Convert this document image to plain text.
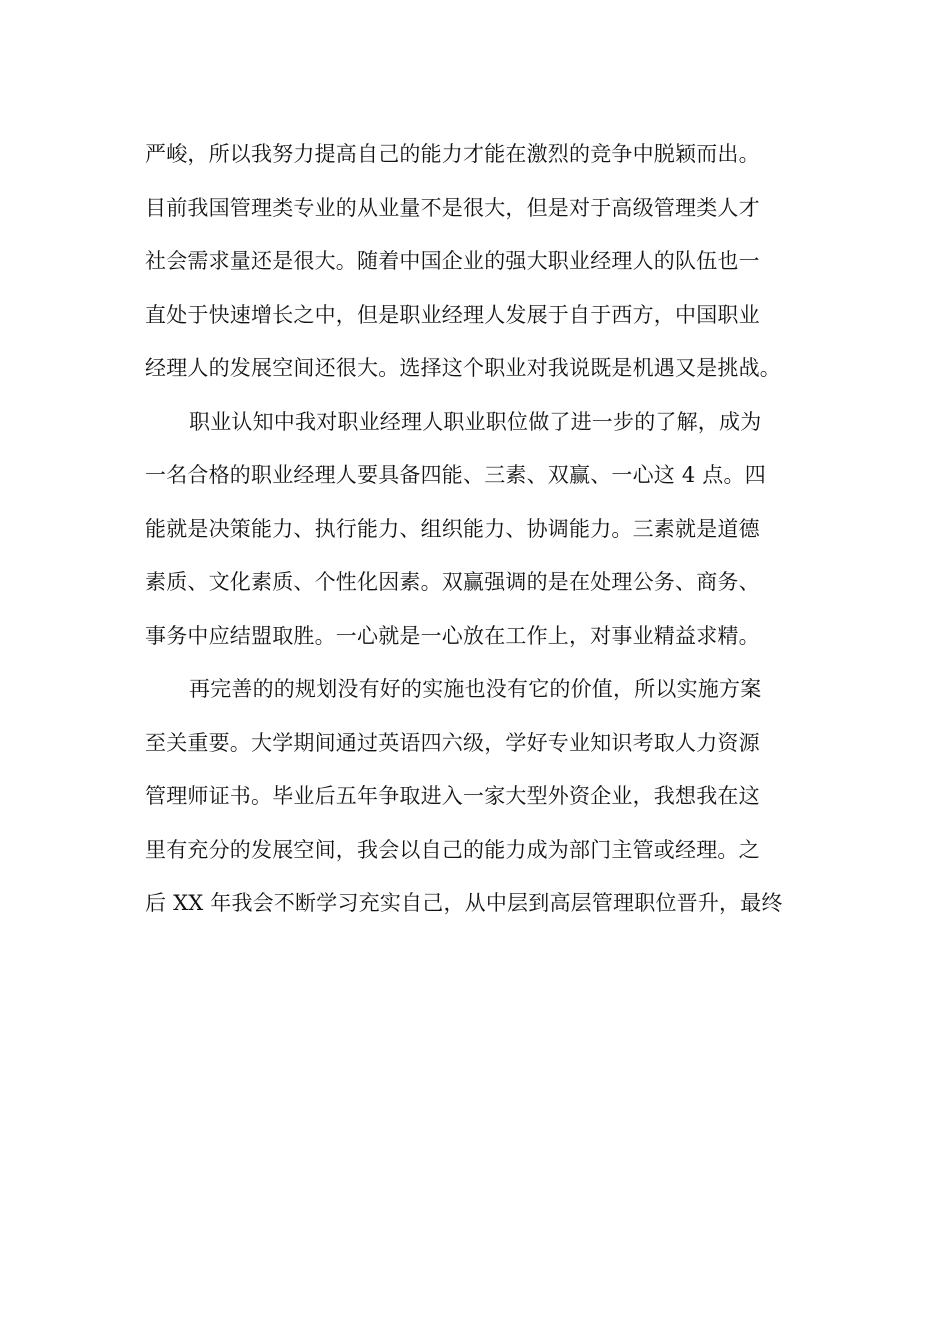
严峻，所以我努力提高自己的能力才能在激烈的竞争中脱颖而出。
目前我国管理类专业的从业量不是很大，但是对于高级管理类人才
社会需求量还是很大。随着中国企业的强大职业经理人的队伍也一
直处于快速增长之中，但是职业经理人发展于自于西方，中国职业
经理人的发展空间还很大。选择这个职业对我说既是机遇又是挑战。
职业认知中我对职业经理人职业职位做了进一步的了解，成为
一名合格的职业经理人要具备四能、三素、双赢、一心这 4 点。四
能就是决策能力、执行能力、组织能力、协调能力。三素就是道德
素质、文化素质、个性化因素。双赢强调的是在处理公务、商务、
事务中应结盟取胜。一心就是一心放在工作上，对事业精益求精。
再完善的的规划没有好的实施也没有它的价值，所以实施方案
至关重要。大学期间通过英语四六级，学好专业知识考取人力资源
管理师证书。毕业后五年争取进入一家大型外资企业，我想我在这
里有充分的发展空间，我会以自己的能力成为部门主管或经理。之
后 XX 年我会不断学习充实自己，从中层到高层管理职位晋升，最终
